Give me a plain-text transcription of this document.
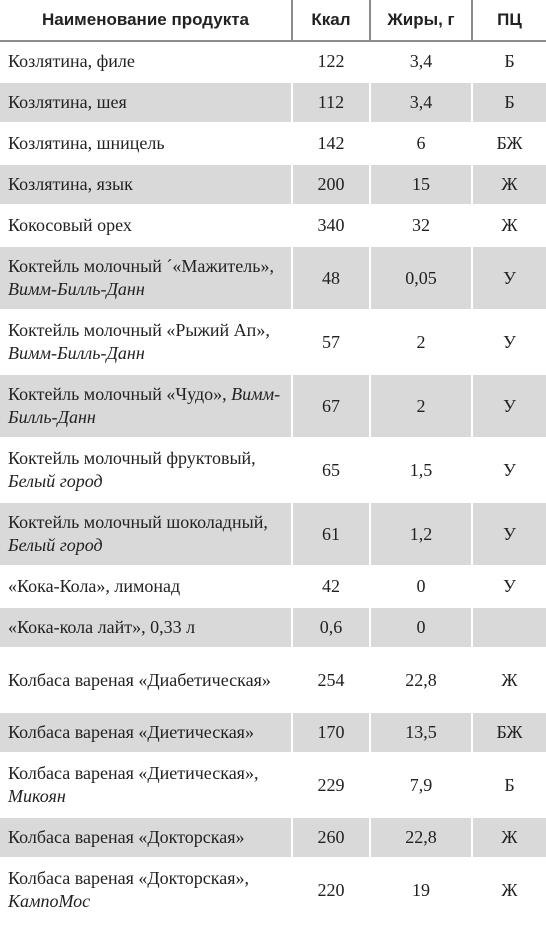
Наименование продукта	Ккал	Жиры, г	ПЦ
Козлятина, филе	122	3,4	Б
Козлятина, шея	112	3,4	Б
Козлятина, шницель	142	6	БЖ
Козлятина, язык	200	15	Ж
Кокосовый орех	340	32	Ж
Коктейль молочный ˊ«Мажитель», Вимм-Билль-Данн	48	0,05	У
Коктейль молочный «Рыжий Ап», Вимм-Билль-Данн	57	2	У
Коктейль молочный «Чудо», Вимм-Билль-Данн	67	2	У
Коктейль молочный фруктовый, Белый город	65	1,5	У
Коктейль молочный шоколадный, Белый город	61	1,2	У
«Кока-Кола», лимонад	42	0	У
«Кока-кола лайт», 0,33 л	0,6	0	
Колбаса вареная «Диабетическая»	254	22,8	Ж
Колбаса вареная «Диетическая»	170	13,5	БЖ
Колбаса вареная «Диетическая», Микоян	229	7,9	Б
Колбаса вареная «Докторская»	260	22,8	Ж
Колбаса вареная «Докторская», КампоМос	220	19	Ж
